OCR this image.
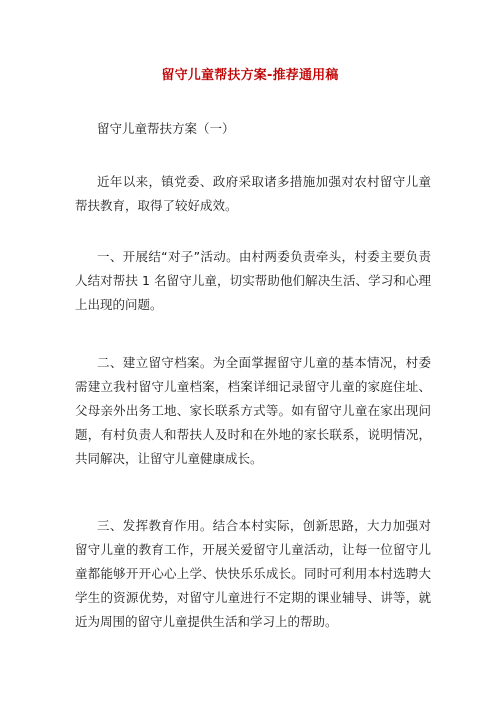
留守儿童帮扶方案-推荐通用稿
留守儿童帮扶方案（一）

近年以来，镇党委、政府采取诸多措施加强对农村留守儿童帮扶教育，取得了较好成效。

一、开展结“对子”活动。由村两委负责牵头，村委主要负责人结对帮扶 1 名留守儿童，切实帮助他们解决生活、学习和心理上出现的问题。

二、建立留守档案。为全面掌握留守儿童的基本情况，村委需建立我村留守儿童档案，档案详细记录留守儿童的家庭住址、父母亲外出务工地、家长联系方式等。如有留守儿童在家出现问题，有村负责人和帮扶人及时和在外地的家长联系，说明情况，共同解决，让留守儿童健康成长。

三、发挥教育作用。结合本村实际，创新思路，大力加强对留守儿童的教育工作，开展关爱留守儿童活动，让每一位留守儿童都能够开开心心上学、快快乐乐成长。同时可利用本村选聘大学生的资源优势，对留守儿童进行不定期的课业辅导、讲等，就近为周围的留守儿童提供生活和学习上的帮助。
